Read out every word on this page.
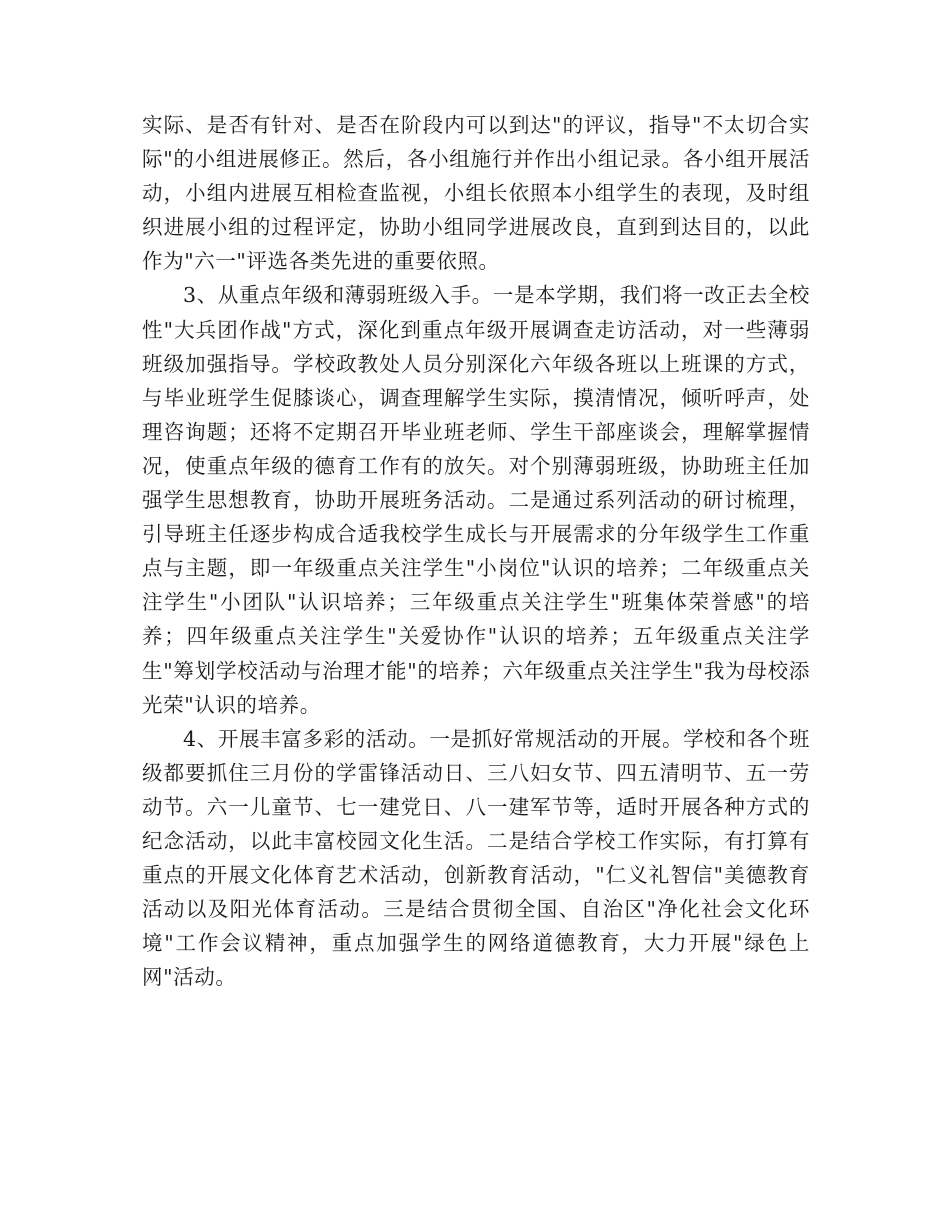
实际、是否有针对、是否在阶段内可以到达"的评议，指导"不太切合实际"的小组进展修正。然后，各小组施行并作出小组记录。各小组开展活动，小组内进展互相检查监视，小组长依照本小组学生的表现，及时组织进展小组的过程评定，协助小组同学进展改良，直到到达目的，以此作为"六一"评选各类先进的重要依照。

3、从重点年级和薄弱班级入手。一是本学期，我们将一改正去全校性"大兵团作战"方式，深化到重点年级开展调查走访活动，对一些薄弱班级加强指导。学校政教处人员分别深化六年级各班以上班课的方式，与毕业班学生促膝谈心，调查理解学生实际，摸清情况，倾听呼声，处理咨询题；还将不定期召开毕业班老师、学生干部座谈会，理解掌握情况，使重点年级的德育工作有的放矢。对个别薄弱班级，协助班主任加强学生思想教育，协助开展班务活动。二是通过系列活动的研讨梳理，引导班主任逐步构成合适我校学生成长与开展需求的分年级学生工作重点与主题，即一年级重点关注学生"小岗位"认识的培养；二年级重点关注学生"小团队"认识培养；三年级重点关注学生"班集体荣誉感"的培养；四年级重点关注学生"关爱协作"认识的培养；五年级重点关注学生"筹划学校活动与治理才能"的培养；六年级重点关注学生"我为母校添光荣"认识的培养。

4、开展丰富多彩的活动。一是抓好常规活动的开展。学校和各个班级都要抓住三月份的学雷锋活动日、三八妇女节、四五清明节、五一劳动节。六一儿童节、七一建党日、八一建军节等，适时开展各种方式的纪念活动，以此丰富校园文化生活。二是结合学校工作实际，有打算有重点的开展文化体育艺术活动，创新教育活动，"仁义礼智信"美德教育活动以及阳光体育活动。三是结合贯彻全国、自治区"净化社会文化环境"工作会议精神，重点加强学生的网络道德教育，大力开展"绿色上网"活动。
